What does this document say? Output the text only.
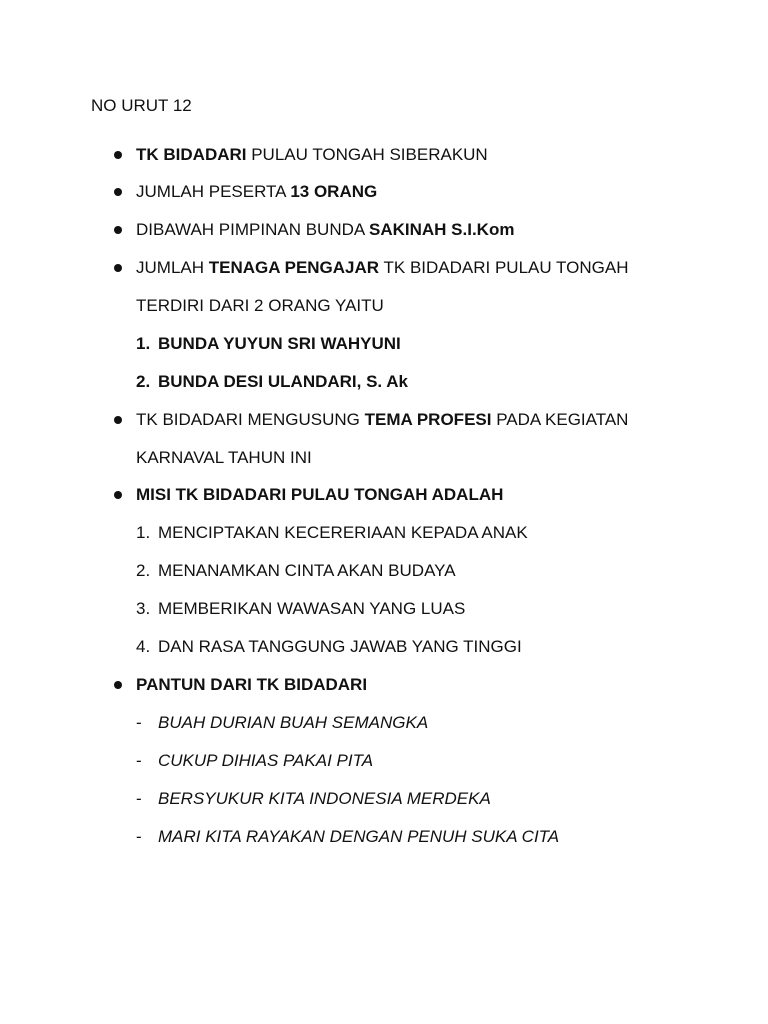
NO URUT 12
TK BIDADARI PULAU TONGAH SIBERAKUN
JUMLAH PESERTA 13 ORANG
DIBAWAH PIMPINAN BUNDA SAKINAH S.I.Kom
JUMLAH TENAGA PENGAJAR TK BIDADARI PULAU TONGAH
TERDIRI DARI 2 ORANG YAITU
1. BUNDA YUYUN SRI WAHYUNI
2. BUNDA DESI ULANDARI, S. Ak
TK BIDADARI MENGUSUNG TEMA PROFESI PADA KEGIATAN
KARNAVAL TAHUN INI
MISI TK BIDADARI PULAU TONGAH ADALAH
1. MENCIPTAKAN KECERERIAAN KEPADA ANAK
2. MENANAMKAN CINTA AKAN BUDAYA
3. MEMBERIKAN WAWASAN YANG LUAS
4. DAN RASA TANGGUNG JAWAB YANG TINGGI
PANTUN DARI TK BIDADARI
- BUAH DURIAN BUAH SEMANGKA
- CUKUP DIHIAS PAKAI PITA
- BERSYUKUR KITA INDONESIA MERDEKA
- MARI KITA RAYAKAN DENGAN PENUH SUKA CITA
